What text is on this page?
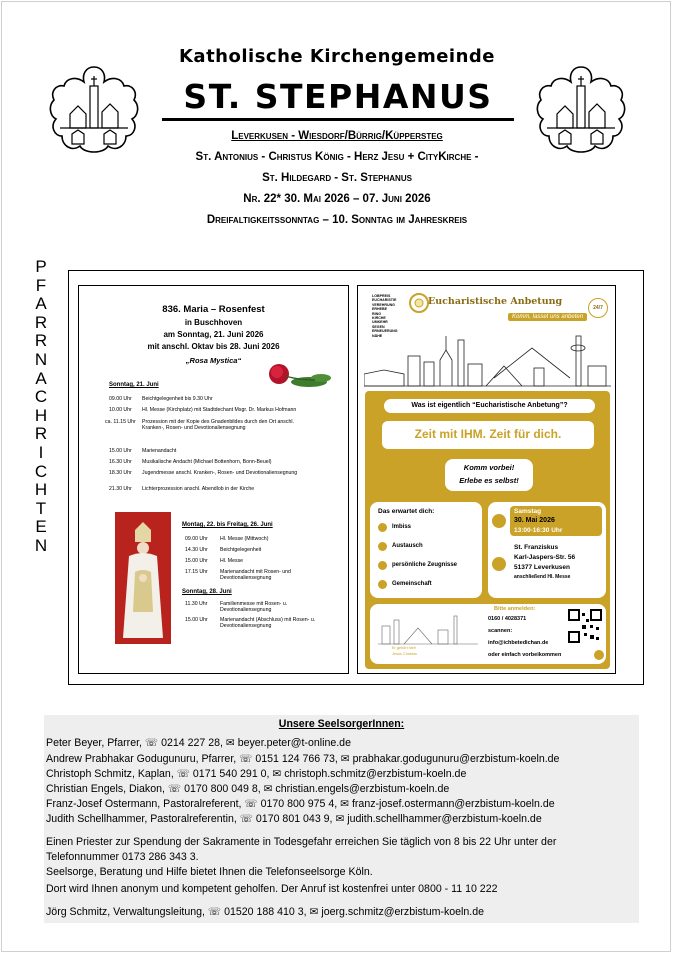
Katholische Kirchengemeinde
ST. STEPHANUS
Leverkusen - Wiesdorf/Bürrig/Küppersteg
St. Antonius - Christus König - Herz Jesu + CityKirche -
St. Hildegard - St. Stephanus
Nr. 22* 30. Mai 2026 – 07. Juni 2026
Dreifaltigkeitssonntag – 10. Sonntag im Jahreskreis
P
F
A
R
R
N
A
C
H
R
I
C
H
T
E
N
836. Maria – Rosenfest
in Buschhoven
am Sonntag, 21. Juni 2026
mit anschl. Oktav bis 28. Juni 2026
„Rosa Mystica“
Sonntag, 21. Juni
09.00 Uhr	Beichtgelegenheit bis 9.30 Uhr
10.00 Uhr	Hl. Messe (Kirchplatz) mit Stadtdechant Msgr. Dr. Markus Hofmann
ca. 11.15 Uhr	Prozession mit der Kopie des Gnadenbildes durch den Ort anschl. Kranken-, Rosen- und Devotionaliensegnung
15.00 Uhr	Marienandacht
16.30 Uhr	Musikalische Andacht (Michael Bottenhorn, Bonn-Beuel)
18.30 Uhr	Jugendmesse anschl. Kranken-, Rosen- und Devotionaliensegnung
21.30 Uhr	Lichterprozession anschl. Abendlob in der Kirche
Montag, 22. bis Freitag, 26. Juni
09.00 Uhr	Hl. Messe (Mittwoch)
14.30 Uhr	Beichtgelegenheit
15.00 Uhr	Hl. Messe
17.15 Uhr	Marienandacht mit Rosen- und Devotionaliensegnung
Sonntag, 28. Juni
11.30 Uhr	Familienmesse mit Rosen- u. Devotionaliensegnung
15.00 Uhr	Marienandacht (Abschluss) mit Rosen- u. Devotionaliensegnung
LOBPREIS
EUCHARISTIE
VEREHRUNG
ERHEBE
RING
KIRCHE
UMKEHR
SEGEN
ERNEUERUNG
NÄHE
Eucharistische Anbetung
24/7
Komm, lasset uns anbeten
Was ist eigentlich “Eucharistische Anbetung”?
Zeit mit IHM. Zeit für dich.
Komm vorbei!
Erlebe es selbst!
Das erwartet dich:
Imbiss
Austausch
persönliche Zeugnisse
Gemeinschaft
Samstag
30. Mai 2026
13:00-16:30 Uhr
St. Franziskus
Karl-Jaspers-Str. 56
51377 Leverkusen
anschließend Hl. Messe
Er gehört hier!
Jesus Christus
Bitte anmelden:
0160 / 4028371
scannen:
info@ichbetedichan.de
oder einfach vorbeikommen
Unsere SeelsorgerInnen:
Peter Beyer, Pfarrer, ☏ 0214 227 28, ✉ beyer.peter@t-online.de
Andrew Prabhakar Godugunuru, Pfarrer, ☏ 0151 124 766 73, ✉ prabhakar.godugunuru@erzbistum-koeln.de
Christoph Schmitz, Kaplan, ☏ 0171 540 291 0, ✉ christoph.schmitz@erzbistum-koeln.de
Christian Engels, Diakon, ☏ 0170 800 049 8, ✉ christian.engels@erzbistum-koeln.de
Franz-Josef Ostermann, Pastoralreferent, ☏ 0170 800 975 4, ✉ franz-josef.ostermann@erzbistum-koeln.de
Judith Schellhammer, Pastoralreferentin, ☏ 0170 801 043 9, ✉ judith.schellhammer@erzbistum-koeln.de
Einen Priester zur Spendung der Sakramente in Todesgefahr erreichen Sie täglich von 8 bis 22 Uhr unter der
Telefonnummer 0173 286 343 3.
Seelsorge, Beratung und Hilfe bietet Ihnen die Telefonseelsorge Köln.
Dort wird Ihnen anonym und kompetent geholfen. Der Anruf ist kostenfrei unter 0800 - 11 10 222
Jörg Schmitz, Verwaltungsleitung, ☏ 01520 188 410 3, ✉ joerg.schmitz@erzbistum-koeln.de
